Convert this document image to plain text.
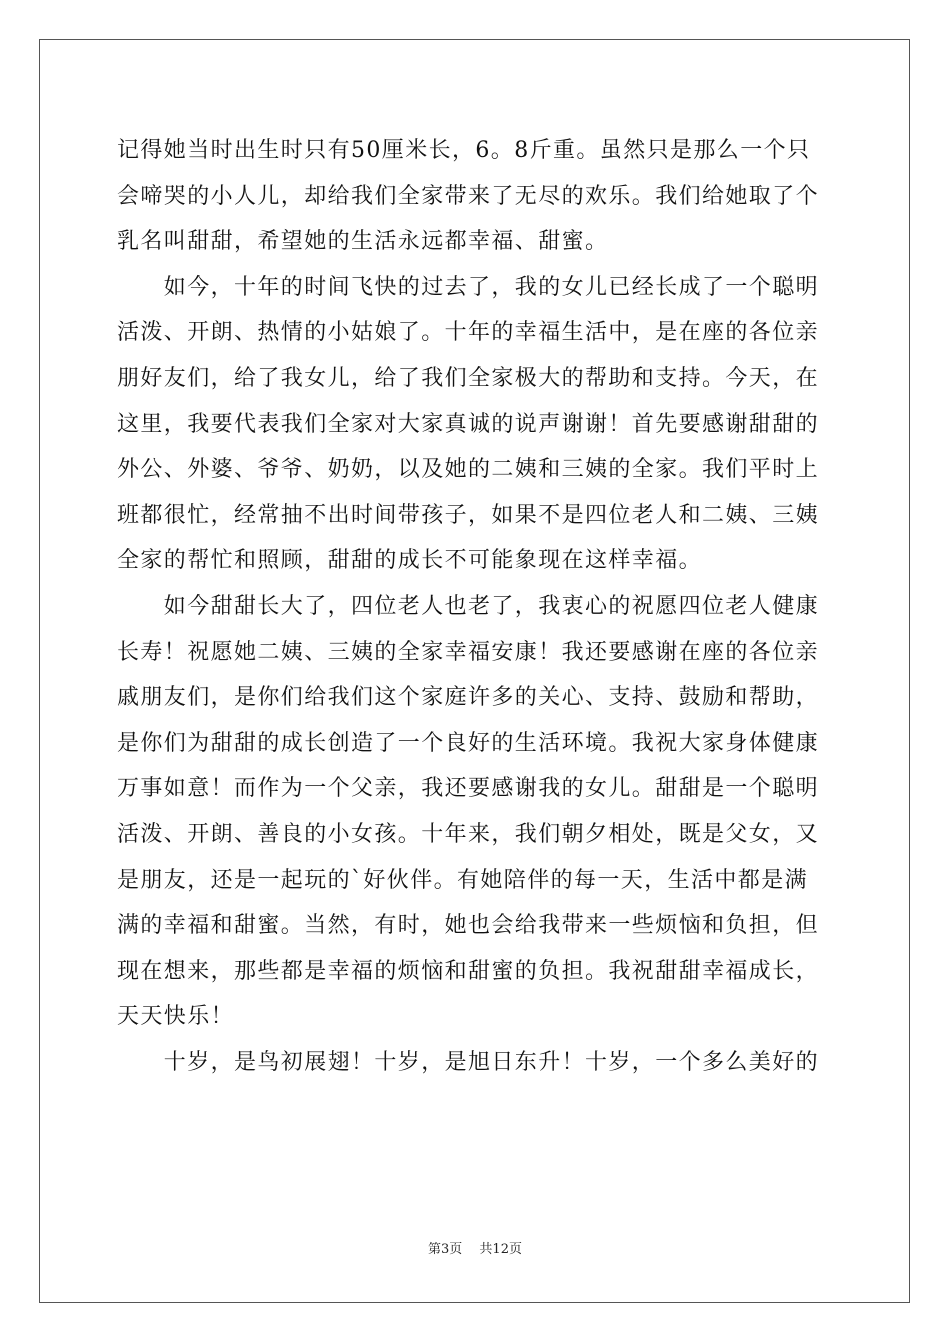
记得她当时出生时只有50厘米长，6。8斤重。虽然只是那么一个只
会啼哭的小人儿，却给我们全家带来了无尽的欢乐。我们给她取了个
乳名叫甜甜，希望她的生活永远都幸福、甜蜜。
　　如今，十年的时间飞快的过去了，我的女儿已经长成了一个聪明
活泼、开朗、热情的小姑娘了。十年的幸福生活中，是在座的各位亲
朋好友们，给了我女儿，给了我们全家极大的帮助和支持。今天，在
这里，我要代表我们全家对大家真诚的说声谢谢！首先要感谢甜甜的
外公、外婆、爷爷、奶奶，以及她的二姨和三姨的全家。我们平时上
班都很忙，经常抽不出时间带孩子，如果不是四位老人和二姨、三姨
全家的帮忙和照顾，甜甜的成长不可能象现在这样幸福。
　　如今甜甜长大了，四位老人也老了，我衷心的祝愿四位老人健康
长寿！祝愿她二姨、三姨的全家幸福安康！我还要感谢在座的各位亲
戚朋友们，是你们给我们这个家庭许多的关心、支持、鼓励和帮助，
是你们为甜甜的成长创造了一个良好的生活环境。我祝大家身体健康
万事如意！而作为一个父亲，我还要感谢我的女儿。甜甜是一个聪明
活泼、开朗、善良的小女孩。十年来，我们朝夕相处，既是父女，又
是朋友，还是一起玩的`好伙伴。有她陪伴的每一天，生活中都是满
满的幸福和甜蜜。当然，有时，她也会给我带来一些烦恼和负担，但
现在想来，那些都是幸福的烦恼和甜蜜的负担。我祝甜甜幸福成长，
天天快乐！
　　十岁，是鸟初展翅！十岁，是旭日东升！十岁，一个多么美好的
第3页　 共12页
